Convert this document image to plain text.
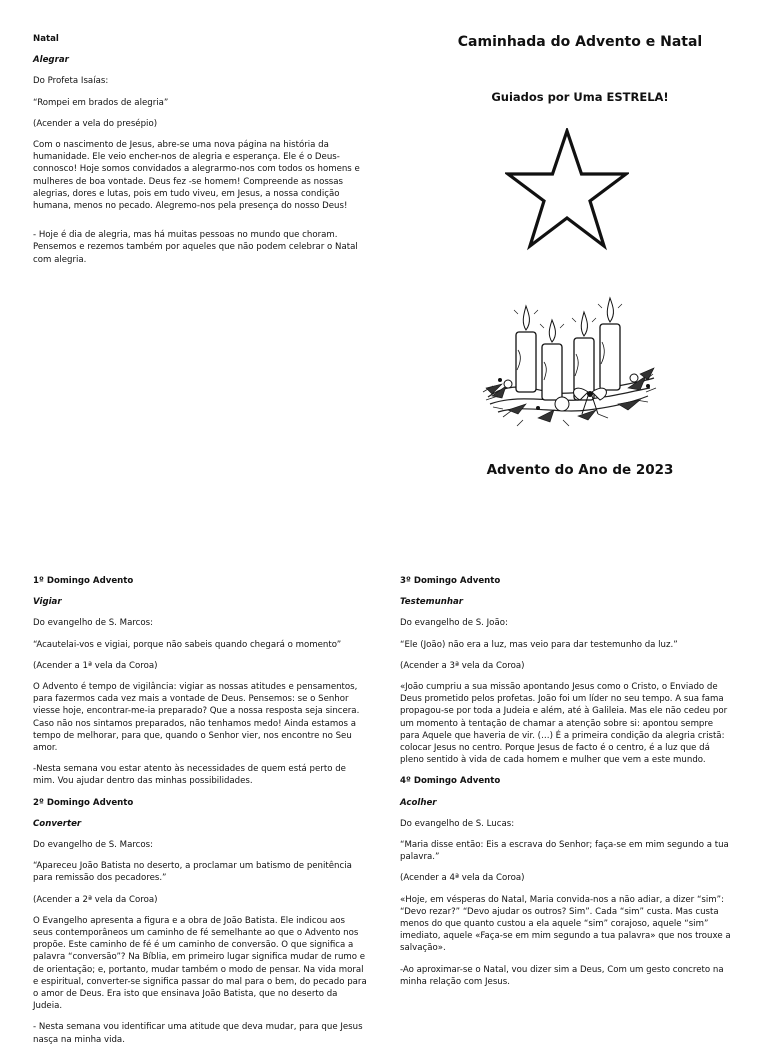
Natal

Alegrar

Do Profeta Isaías:

“Rompei em brados de alegria”

(Acender a vela do presépio)

Com o nascimento de Jesus, abre-se uma nova página na história da humanidade. Ele veio encher-nos de alegria e esperança. Ele é o Deus-connosco! Hoje somos convidados a alegrarmo-nos com todos os homens e mulheres de boa vontade. Deus fez -se homem! Compreende as nossas alegrias, dores e lutas, pois em tudo viveu, em Jesus, a nossa condição humana, menos no pecado. Alegremo-nos pela presença do nosso Deus!

- Hoje é dia de alegria, mas há muitas pessoas no mundo que choram. Pensemos e rezemos também por aqueles que não podem celebrar o Natal com alegria.

Caminhada do Advento e Natal
Guiados por Uma ESTRELA!
Advento do Ano de 2023

1º Domingo Advento

Vigiar

Do evangelho de S. Marcos:

“Acautelai-vos e vigiai, porque não sabeis quando chegará o momento”

(Acender a 1ª vela da Coroa)

O Advento é tempo de vigilância: vigiar as nossas atitudes e pensamentos, para fazermos cada vez mais a vontade de Deus. Pensemos: se o Senhor viesse hoje, encontrar-me-ia preparado? Que a nossa resposta seja sincera. Caso não nos sintamos preparados, não tenhamos medo! Ainda estamos a tempo de melhorar, para que, quando o Senhor vier, nos encontre no Seu amor.

-Nesta semana vou estar atento às necessidades de quem está perto de mim. Vou ajudar dentro das minhas possibilidades.

2º Domingo Advento

Converter

Do evangelho de S. Marcos:

“Apareceu João Batista no deserto, a proclamar um batismo de penitência para remissão dos pecadores.”

(Acender a 2ª vela da Coroa)

O Evangelho apresenta a figura e a obra de João Batista. Ele indicou aos seus contemporâneos um caminho de fé semelhante ao que o Advento nos propõe. Este caminho de fé é um caminho de conversão. O que significa a palavra “conversão”? Na Bíblia, em primeiro lugar significa mudar de rumo e de orientação; e, portanto, mudar também o modo de pensar. Na vida moral e espiritual, converter-se significa passar do mal para o bem, do pecado para o amor de Deus. Era isto que ensinava João Batista, que no deserto da Judeia.

- Nesta semana vou identificar uma atitude que deva mudar, para que Jesus nasça na minha vida.

3º Domingo Advento

Testemunhar

Do evangelho de S. João:

“Ele (João) não era a luz, mas veio para dar testemunho da luz.”

(Acender a 3ª vela da Coroa)

«João cumpriu a sua missão apontando Jesus como o Cristo, o Enviado de Deus prometido pelos profetas. João foi um líder no seu tempo. A sua fama propagou-se por toda a Judeia e além, até à Galileia. Mas ele não cedeu por um momento à tentação de chamar a atenção sobre si: apontou sempre para Aquele que haveria de vir. (…) É a primeira condição da alegria cristã: colocar Jesus no centro. Porque Jesus de facto é o centro, é a luz que dá pleno sentido à vida de cada homem e mulher que vem a este mundo.

4º Domingo Advento

Acolher

Do evangelho de S. Lucas:

“Maria disse então: Eis a escrava do Senhor; faça-se em mim segundo a tua palavra.”

(Acender a 4ª vela da Coroa)

«Hoje, em vésperas do Natal, Maria convida-nos a não adiar, a dizer “sim”: “Devo rezar?” “Devo ajudar os outros? Sim”. Cada “sim” custa. Mas custa menos do que quanto custou a ela aquele “sim” corajoso, aquele “sim” imediato, aquele «Faça-se em mim segundo a tua palavra» que nos trouxe a salvação».

-Ao aproximar-se o Natal, vou dizer sim a Deus, Com um gesto concreto na minha relação com Jesus.
